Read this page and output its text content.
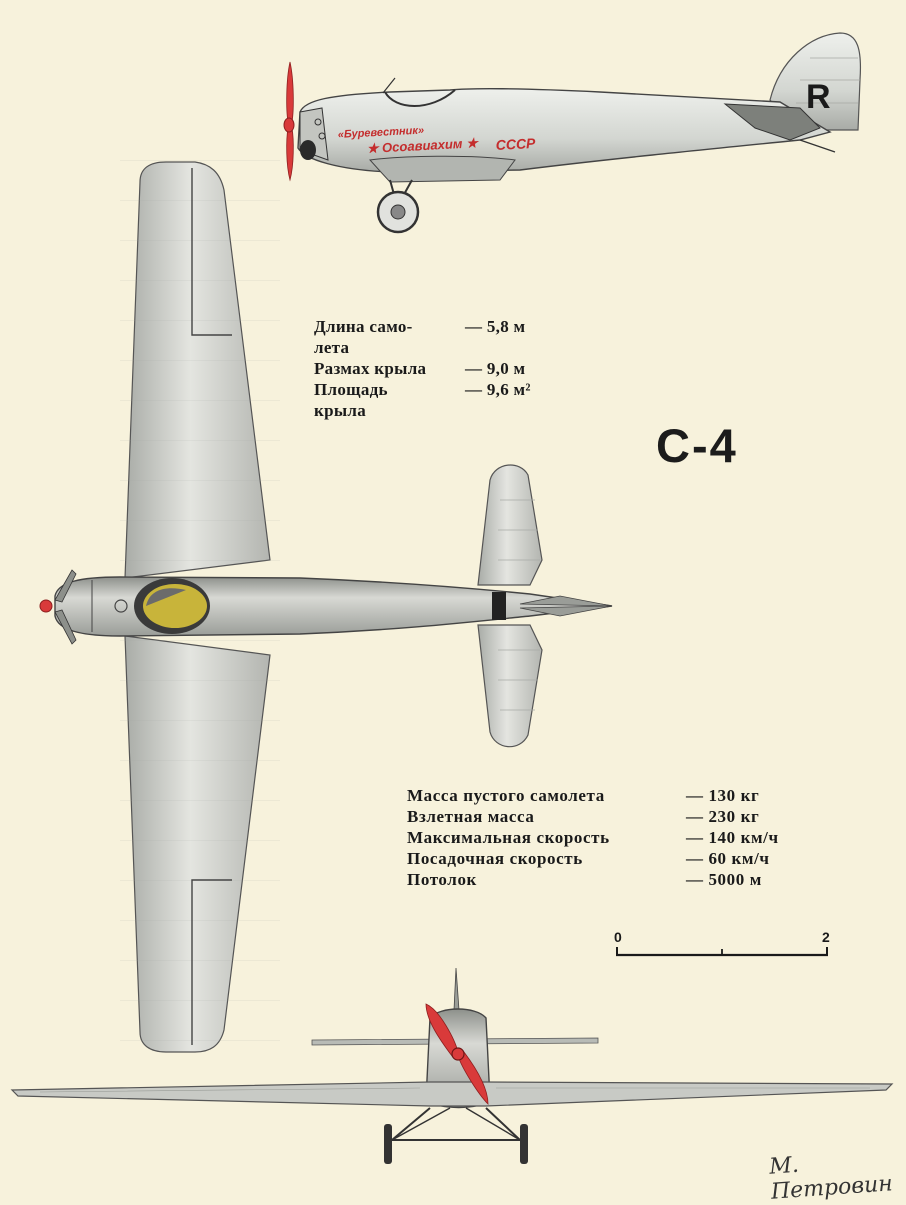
R
«Буревестник»
★ Осоавиахим ★ СССР
Длина само-	— 5,8 м
лета
Размах крыла — 9,0 м
Площадь	— 9,6 м²
крыла
С-4
Масса пустого самолета	— 130 кг
Взлетная масса	— 230 кг
Максимальная скорость	— 140 км/ч
Посадочная скорость	— 60 км/ч
Потолок	— 5000 м
0	2
М. Петровин
